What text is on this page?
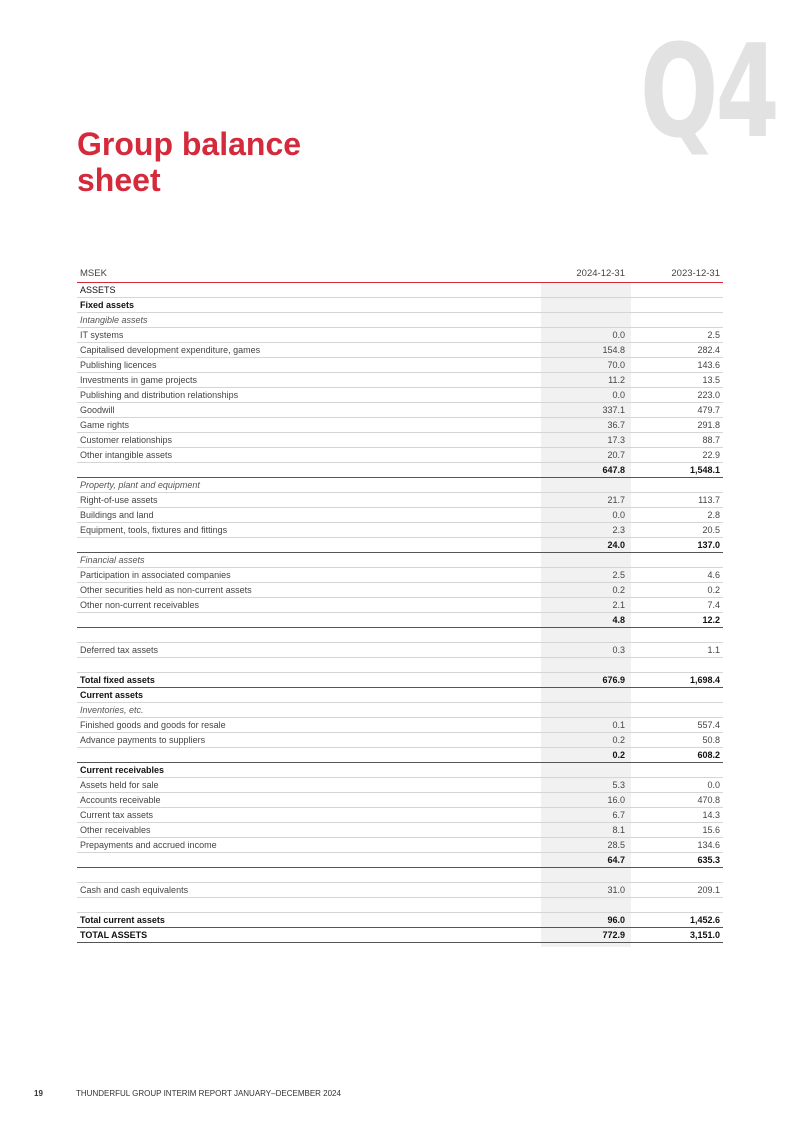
Group balance sheet
Q4
MSEK	2024-12-31	2023-12-31
ASSETS
Fixed assets
Intangible assets
IT systems	0.0	2.5
Capitalised development expenditure, games	154.8	282.4
Publishing licences	70.0	143.6
Investments in game projects	11.2	13.5
Publishing and distribution relationships	0.0	223.0
Goodwill	337.1	479.7
Game rights	36.7	291.8
Customer relationships	17.3	88.7
Other intangible assets	20.7	22.9
647.8	1,548.1
Property, plant and equipment
Right-of-use assets	21.7	113.7
Buildings and land	0.0	2.8
Equipment, tools, fixtures and fittings	2.3	20.5
24.0	137.0
Financial assets
Participation in associated companies	2.5	4.6
Other securities held as non-current assets	0.2	0.2
Other non-current receivables	2.1	7.4
4.8	12.2
Deferred tax assets	0.3	1.1
Total fixed assets	676.9	1,698.4
Current assets
Inventories, etc.
Finished goods and goods for resale	0.1	557.4
Advance payments to suppliers	0.2	50.8
0.2	608.2
Current receivables
Assets held for sale	5.3	0.0
Accounts receivable	16.0	470.8
Current tax assets	6.7	14.3
Other receivables	8.1	15.6
Prepayments and accrued income	28.5	134.6
64.7	635.3
Cash and cash equivalents	31.0	209.1
Total current assets	96.0	1,452.6
TOTAL ASSETS	772.9	3,151.0
19	THUNDERFUL GROUP INTERIM REPORT JANUARY–DECEMBER 2024
